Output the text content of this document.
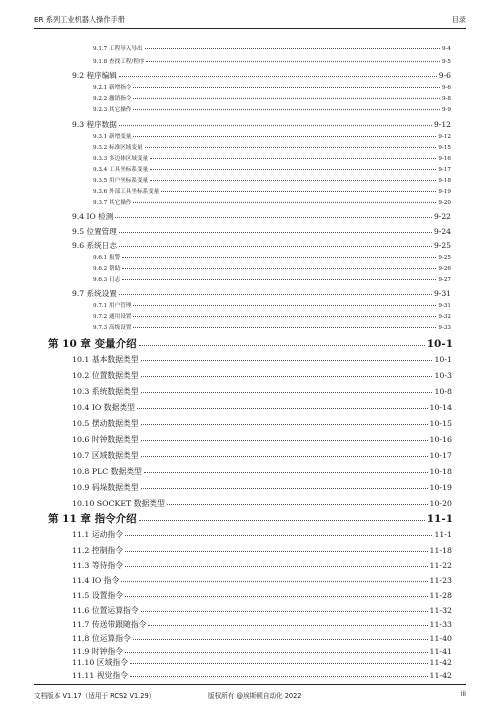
ER 系列工业机器人操作手册	目录
9.1.7 工程导入导出	9-4
9.1.8 查找工程/程序	9-5
9.2 程序编辑	9-6
9.2.1 新增指令	9-6
9.2.2 撤销指令	9-8
9.2.3 其它操作	9-9
9.3 程序数据	9-12
9.3.1 新增变量	9-12
9.3.2 标准区域变量	9-15
9.3.3 多边体区域变量	9-16
9.3.4 工具坐标系变量	9-17
9.3.5 用户坐标系变量	9-18
9.3.6 外部工具坐标系变量	9-19
9.3.7 其它操作	9-20
9.4 IO 检测	9-22
9.5 位置管理	9-24
9.6 系统日志	9-25
9.6.1 报警	9-25
9.6.2 帮助	9-26
9.6.3 日志	9-27
9.7 系统设置	9-31
9.7.1 用户管理	9-31
9.7.2 通用设置	9-32
9.7.3 高级设置	9-33
第 10 章 变量介绍	10-1
10.1 基本数据类型	10-1
10.2 位置数据类型	10-3
10.3 系统数据类型	10-8
10.4 IO 数据类型	10-14
10.5 摆动数据类型	10-15
10.6 时钟数据类型	10-16
10.7 区域数据类型	10-17
10.8 PLC 数据类型	10-18
10.9 码垛数据类型	10-19
10.10 SOCKET 数据类型	10-20
第 11 章 指令介绍	11-1
11.1 运动指令	11-1
11.2 控制指令	11-18
11.3 等待指令	11-22
11.4 IO 指令	11-23
11.5 设置指令	11-28
11.6 位置运算指令	11-32
11.7 传送带跟随指令	11-33
11.8 位运算指令	11-40
11.9 时钟指令	11-41
11.10 区域指令	11-42
11.11 视觉指令	11-42
文档版本 V1.17（适用于 RCS2 V1.29）	版权所有 @埃斯顿自动化 2022	iii
